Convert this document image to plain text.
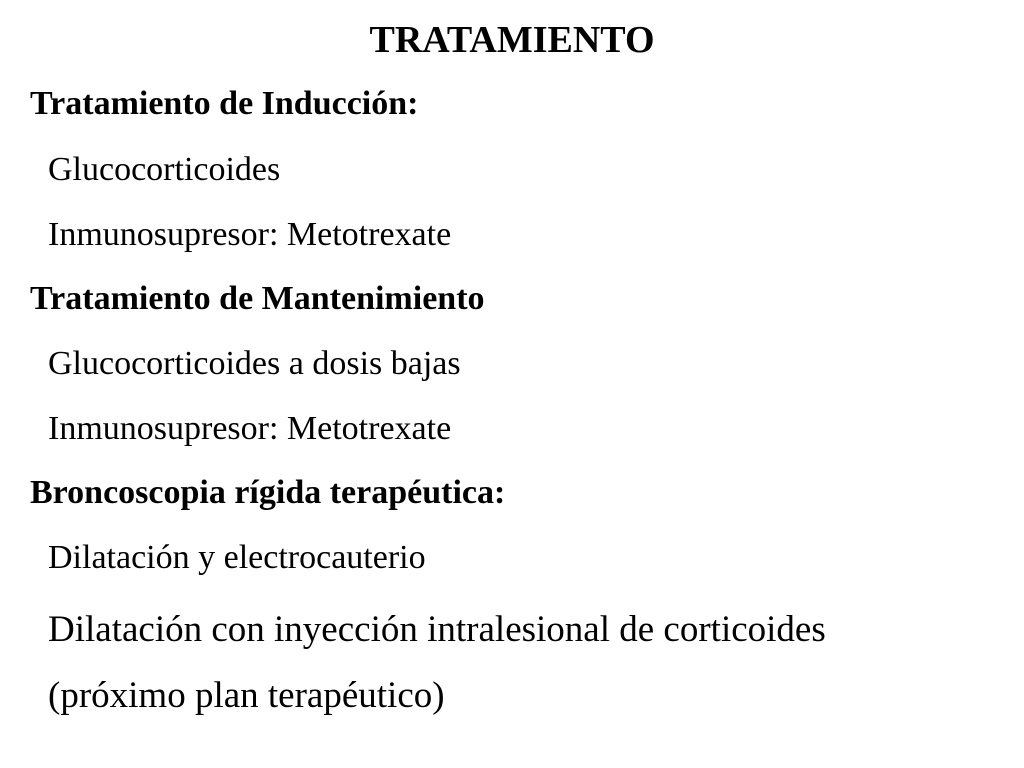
TRATAMIENTO
Tratamiento de Inducción:
Glucocorticoides
Inmunosupresor: Metotrexate
Tratamiento de Mantenimiento
Glucocorticoides a dosis bajas
Inmunosupresor: Metotrexate
Broncoscopia rígida terapéutica:
Dilatación y electrocauterio
Dilatación con inyección intralesional de corticoides
(próximo plan terapéutico)
